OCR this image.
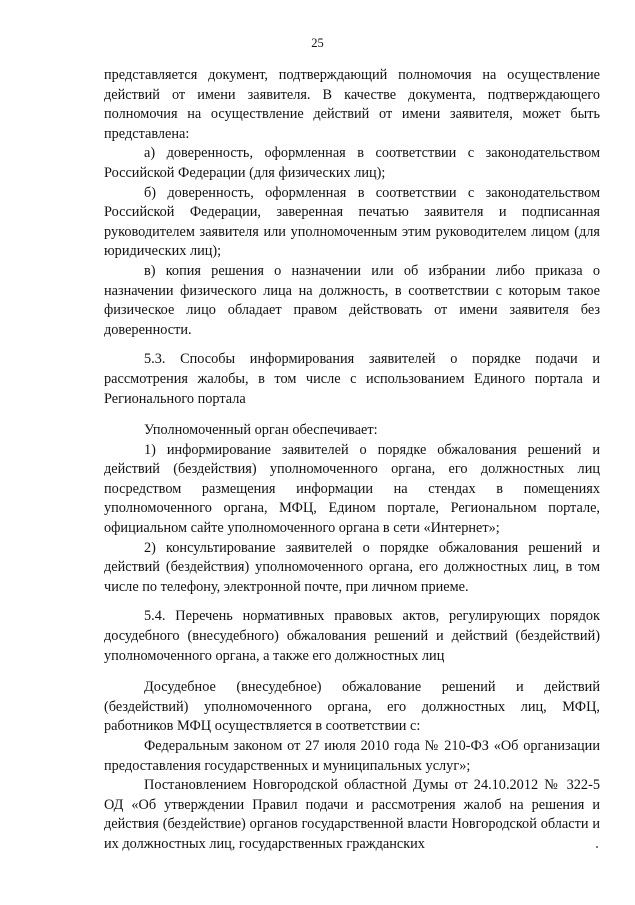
25

представляется документ, подтверждающий полномочия на осуществление действий от имени заявителя. В качестве документа, подтверждающего полномочия на осуществление действий от имени заявителя, может быть представлена:

а) доверенность, оформленная в соответствии с законодательством Российской Федерации (для физических лиц);

б) доверенность, оформленная в соответствии с законодательством Российской Федерации, заверенная печатью заявителя и подписанная руководителем заявителя или уполномоченным этим руководителем лицом (для юридических лиц);

в) копия решения о назначении или об избрании либо приказа о назначении физического лица на должность, в соответствии с которым такое физическое лицо обладает правом действовать от имени заявителя без доверенности.

5.3. Способы информирования заявителей о порядке подачи и рассмотрения жалобы, в том числе с использованием Единого портала и Регионального портала

Уполномоченный орган обеспечивает:

1) информирование заявителей о порядке обжалования решений и действий (бездействия) уполномоченного органа, его должностных лиц посредством размещения информации на стендах в помещениях уполномоченного органа, МФЦ, Едином портале, Региональном портале, официальном сайте уполномоченного органа в сети «Интернет»;

2) консультирование заявителей о порядке обжалования решений и действий (бездействия) уполномоченного органа, его должностных лиц, в том числе по телефону, электронной почте, при личном приеме.

5.4. Перечень нормативных правовых актов, регулирующих порядок досудебного (внесудебного) обжалования решений и действий (бездействий) уполномоченного органа, а также его должностных лиц

Досудебное (внесудебное) обжалование решений и действий (бездействий) уполномоченного органа, его должностных лиц, МФЦ, работников МФЦ осуществляется в соответствии с:

Федеральным законом от 27 июля 2010 года № 210-ФЗ «Об организации предоставления государственных и муниципальных услуг»;

Постановлением Новгородской областной Думы от 24.10.2012 № 322-5 ОД «Об утверждении Правил подачи и рассмотрения жалоб на решения и действия (бездействие) органов государственной власти Новгородской области и их должностных лиц, государственных гражданских
